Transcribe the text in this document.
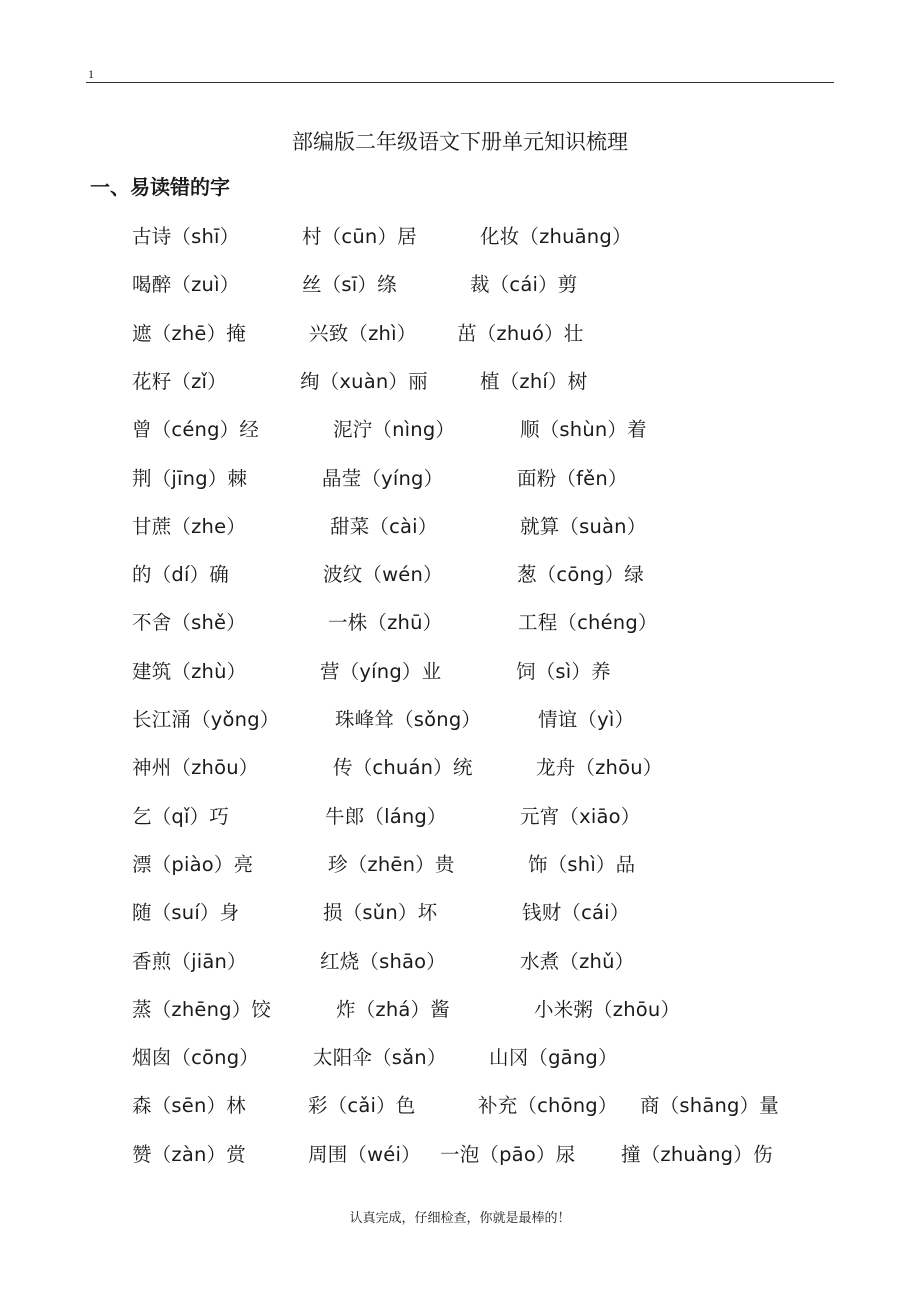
1
部编版二年级语文下册单元知识梳理
一、易读错的字
古诗（shī）	村（cūn）居	化妆（zhuāng）
喝醉（zuì）	丝（sī）绦	裁（cái）剪
遮（zhē）掩	兴致（zhì） 茁（zhuó）壮
花籽（zǐ）	绚（xuàn）丽	植（zhí）树
曾（céng）经	泥泞（nìng）	顺（shùn）着
荆（jīng）棘	晶莹（yíng）	面粉（fěn）
甘蔗（zhe）	甜菜（cài）	就算（suàn）
的（dí）确	波纹（wén）	葱（cōng）绿
不舍（shě）	一株（zhū）	工程（chéng）
建筑（zhù）	营（yíng）业	饲（sì）养
长江涌（yǒng）	珠峰耸（sǒng）	情谊（yì）
神州（zhōu）	传（chuán）统	龙舟（zhōu）
乞（qǐ）巧	牛郎（láng）	元宵（xiāo）
漂（piào）亮	珍（zhēn）贵	饰（shì）品
随（suí）身	损（sǔn）坏	钱财（cái）
香煎（jiān）	红烧（shāo）	水煮（zhǔ）
蒸（zhēng）饺	炸（zhá）酱	小米粥（zhōu）
烟囱（cōng）	太阳伞（sǎn） 山冈（gāng）
森（sēn）林	彩（cǎi）色	补充（chōng） 商（shāng）量
赞（zàn）赏	周围（wéi） 一泡（pāo）尿 撞（zhuàng）伤
认真完成，仔细检查，你就是最棒的！
